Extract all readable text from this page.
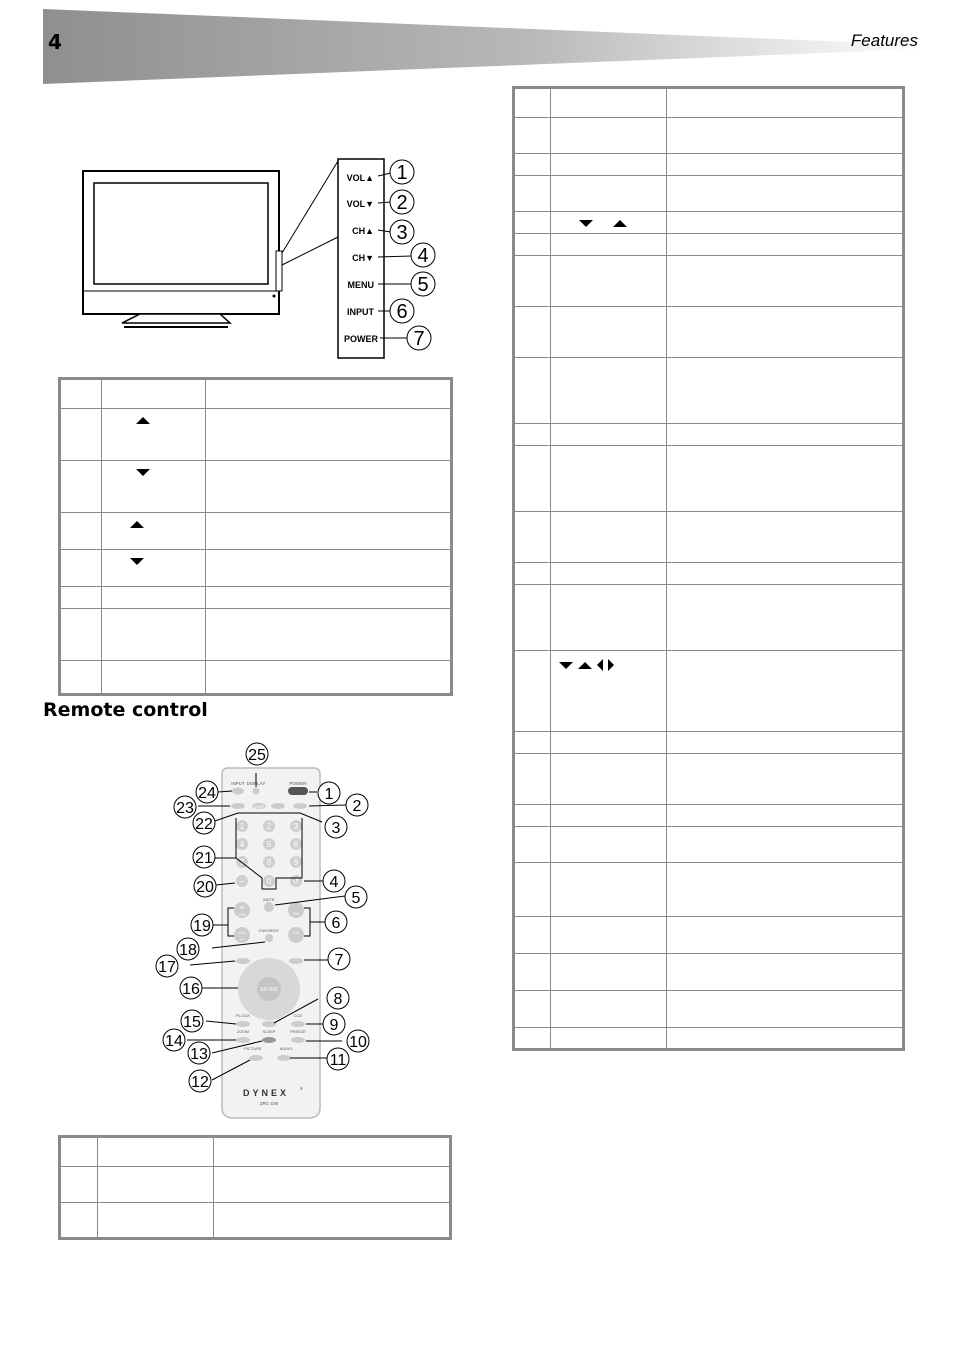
4	Features
VOL▲
VOL▼
CH▲
CH▼
MENU
INPUT
POWER
1
2
3
4
5
6
7

Remote control
INPUT DISPLAY	POWER
COMP
1	2	3
4	5	6
7	8	9
−	0	↺
MUTE
+
VOL
VOL
−
CH
CH
FAVORITE
ENTER
P.LOCK	CCD
ZOOM	SLEEP	FREEZE
PICTURE	AUDIO
DYNEX	®
ZRC-100
1
2
3
4
5
6
7
8
9
10
11
12
13
14
15
16
17
18
19
20
21
22
23
24
25
